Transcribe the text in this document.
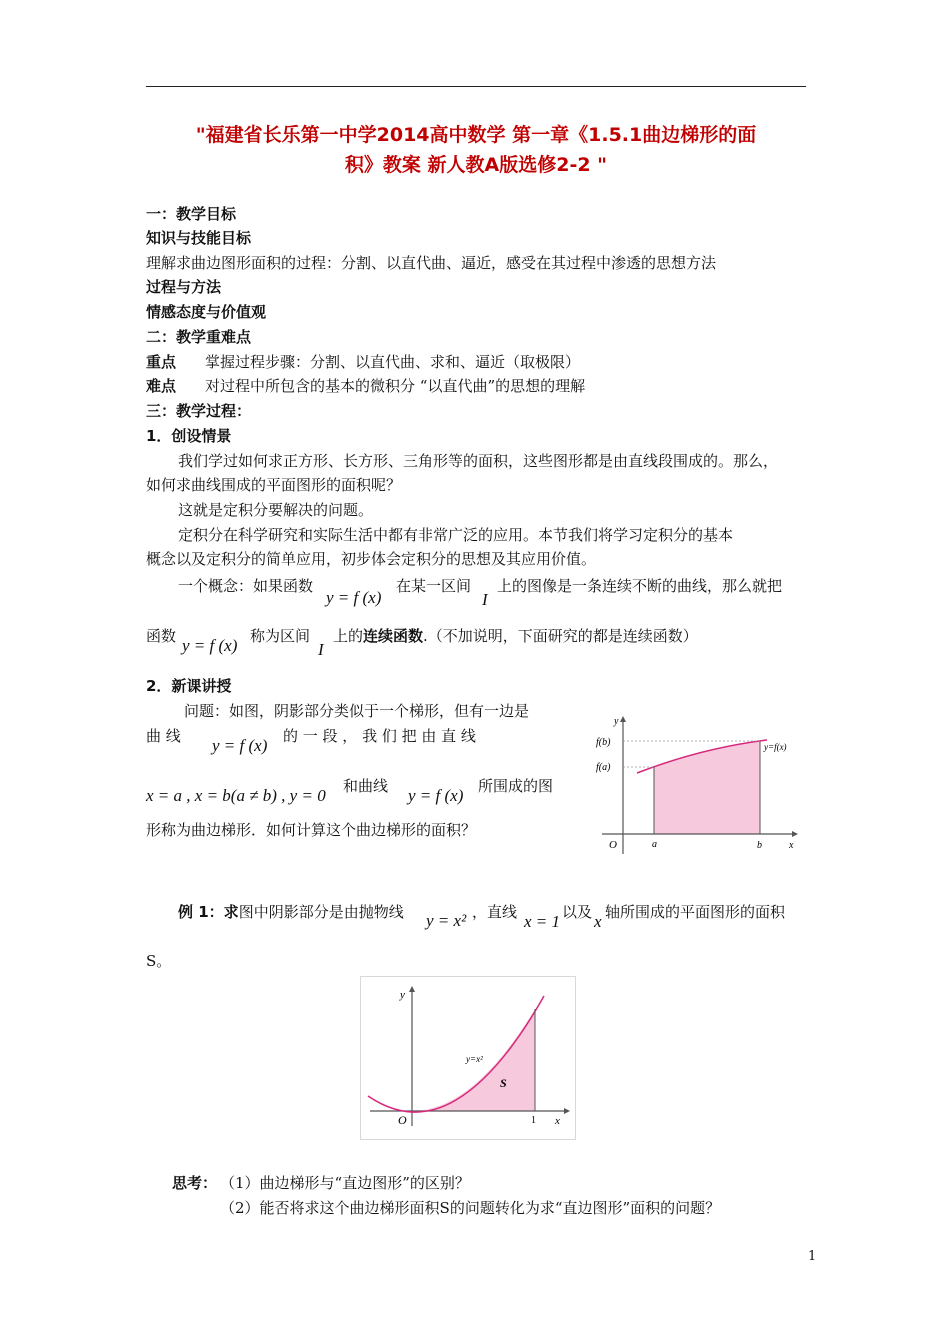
"福建省长乐第一中学2014高中数学 第一章《1.5.1曲边梯形的面
积》教案 新人教A版选修2-2 "
一：教学目标
知识与技能目标
理解求曲边图形面积的过程：分割、以直代曲、逼近，感受在其过程中渗透的思想方法
过程与方法
情感态度与价值观
二：教学重难点
重点 掌握过程步骤：分割、以直代曲、求和、逼近（取极限）
难点 对过程中所包含的基本的微积分 “以直代曲”的思想的理解
三：教学过程：
1．创设情景
我们学过如何求正方形、长方形、三角形等的面积，这些图形都是由直线段围成的。那么，
如何求曲线围成的平面图形的面积呢？
这就是定积分要解决的问题。
定积分在科学研究和实际生活中都有非常广泛的应用。本节我们将学习定积分的基本
概念以及定积分的简单应用，初步体会定积分的思想及其应用价值。
一个概念：如果函数
y = f (x)
在某一区间
I
上的图像是一条连续不断的曲线，那么就把
函数 y = f (x) 称为区间
I
上的连续函数.（不加说明，下面研究的都是连续函数）
2．新课讲授
问题：如图，阴影部分类似于一个梯形，但有一边是
曲 线 y = f (x) 的 一 段 ， 我 们 把 由 直 线
x = a , x = b(a ≠ b) , y = 0 和曲线 y = f (x) 所围成的图
形称为曲边梯形．如何计算这个曲边梯形的面积？
y
x
O
f(b)
f(a)
a	b
y=f(x)
例 1：求图中阴影部分是由抛物线 y = x² ，直线 x = 1 以及 x 轴所围成的平面图形的面积
S。
y
x
O	1
y=x²
S
思考： （1）曲边梯形与“直边图形”的区别？
（2）能否将求这个曲边梯形面积S的问题转化为求“直边图形”面积的问题？
1
